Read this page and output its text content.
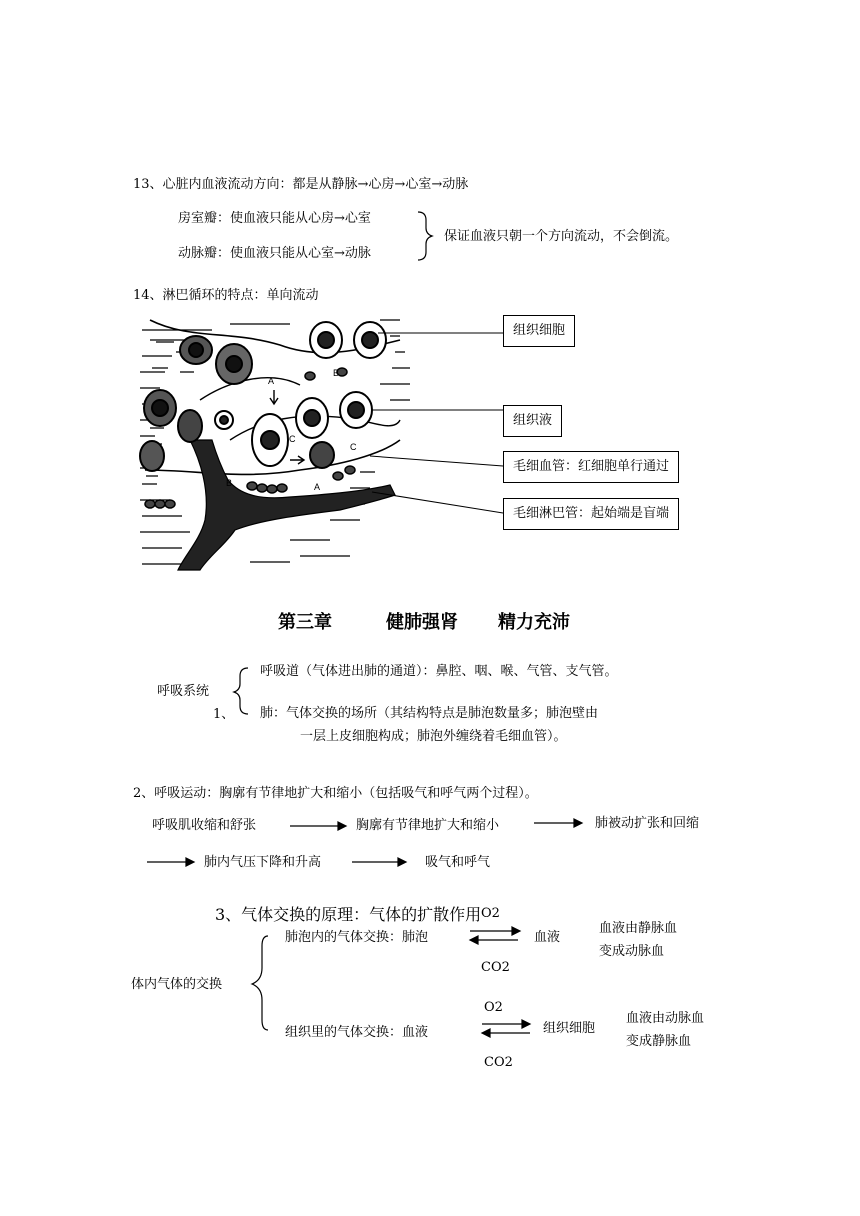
13、心脏内血液流动方向：都是从静脉→心房→心室→动脉
房室瓣：使血液只能从心房→心室
动脉瓣：使血液只能从心室→动脉
保证血液只朝一个方向流动，不会倒流。
14、淋巴循环的特点：单向流动
A
B
C
B	A
C
组织细胞
组织液
毛细血管：红细胞单行通过
毛细淋巴管：起始端是盲端
第三章	健肺强肾 精力充沛
呼吸系统
1、
呼吸道（气体进出肺的通道）：鼻腔、咽、喉、气管、支气管。
肺：气体交换的场所（其结构特点是肺泡数量多；肺泡壁由
一层上皮细胞构成；肺泡外缠绕着毛细血管）。
2、呼吸运动：胸廓有节律地扩大和缩小（包括吸气和呼气两个过程）。
呼吸肌收缩和舒张	胸廓有节律地扩大和缩小	肺被动扩张和回缩
肺内气压下降和升高	吸气和呼气
3、气体交换的原理：气体的扩散作用
体内气体的交换
肺泡内的气体交换：肺泡
O2
血液
CO2
血液由静脉血
变成动脉血
组织里的气体交换：血液
O2
组织细胞
CO2
血液由动脉血
变成静脉血
